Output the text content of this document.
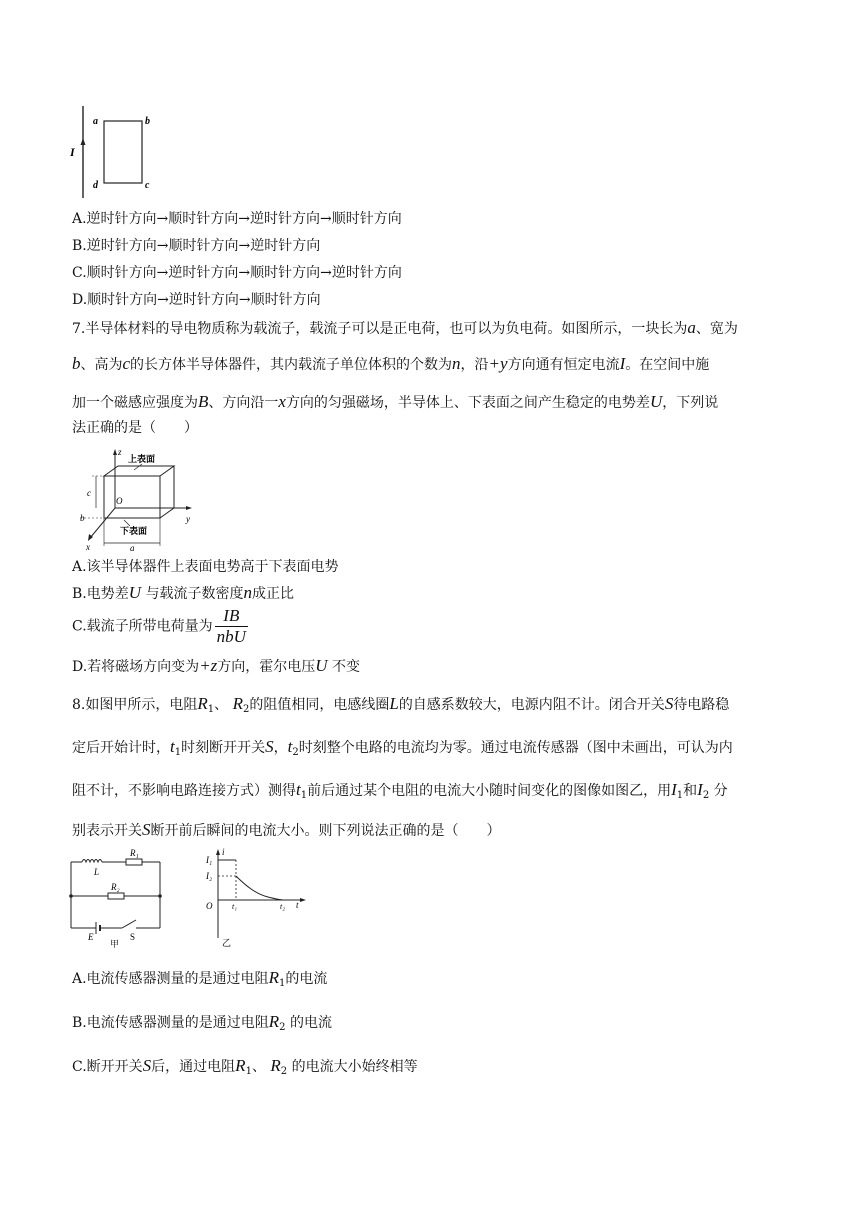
I
a	b
d	c
A.逆时针方向→顺时针方向→逆时针方向→顺时针方向
B.逆时针方向→顺时针方向→逆时针方向
C.顺时针方向→逆时针方向→顺时针方向→逆时针方向
D.顺时针方向→逆时针方向→顺时针方向
7.半导体材料的导电物质称为载流子，载流子可以是正电荷，也可以为负电荷。如图所示，一块长为a、宽为
b、高为c的长方体半导体器件，其内载流子单位体积的个数为n，沿+y方向通有恒定电流I。在空间中施
加一个磁感应强度为B、方向沿一x方向的匀强磁场，半导体上、下表面之间产生稳定的电势差U，下列说
法正确的是（　　）
z
y
x
上表面
O
下表面
c
b
a
A.该半导体器件上表面电势高于下表面电势
B.电势差U 与载流子数密度n成正比
C.载流子所带电荷量为 $\frac{IB}{\text{nbU}}$
D.若将磁场方向变为+z方向，霍尔电压U 不变
8.如图甲所示，电阻$R_1$、 $R_2$的阻值相同，电感线圈L的自感系数较大，电源内阻不计。闭合开关S待电路稳
定后开始计时，$t_1$时刻断开开关S，$t_2$时刻整个电路的电流均为零。通过电流传感器（图中未画出，可认为内
阻不计，不影响电路连接方式）测得$t_1$前后通过某个电阻的电流大小随时间变化的图像如图乙，用$I_1$和$I_2$ 分
别表示开关S断开前后瞬间的电流大小。则下列说法正确的是（　　）
L
R₁
R₂
E	S
甲
i
t
O
I₁
I₂
t₁	t₂
乙
A.电流传感器测量的是通过电阻$R_1$的电流
B.电流传感器测量的是通过电阻$R_2$ 的电流
C.断开开关S后，通过电阻$R_1$、 $R_2$ 的电流大小始终相等
